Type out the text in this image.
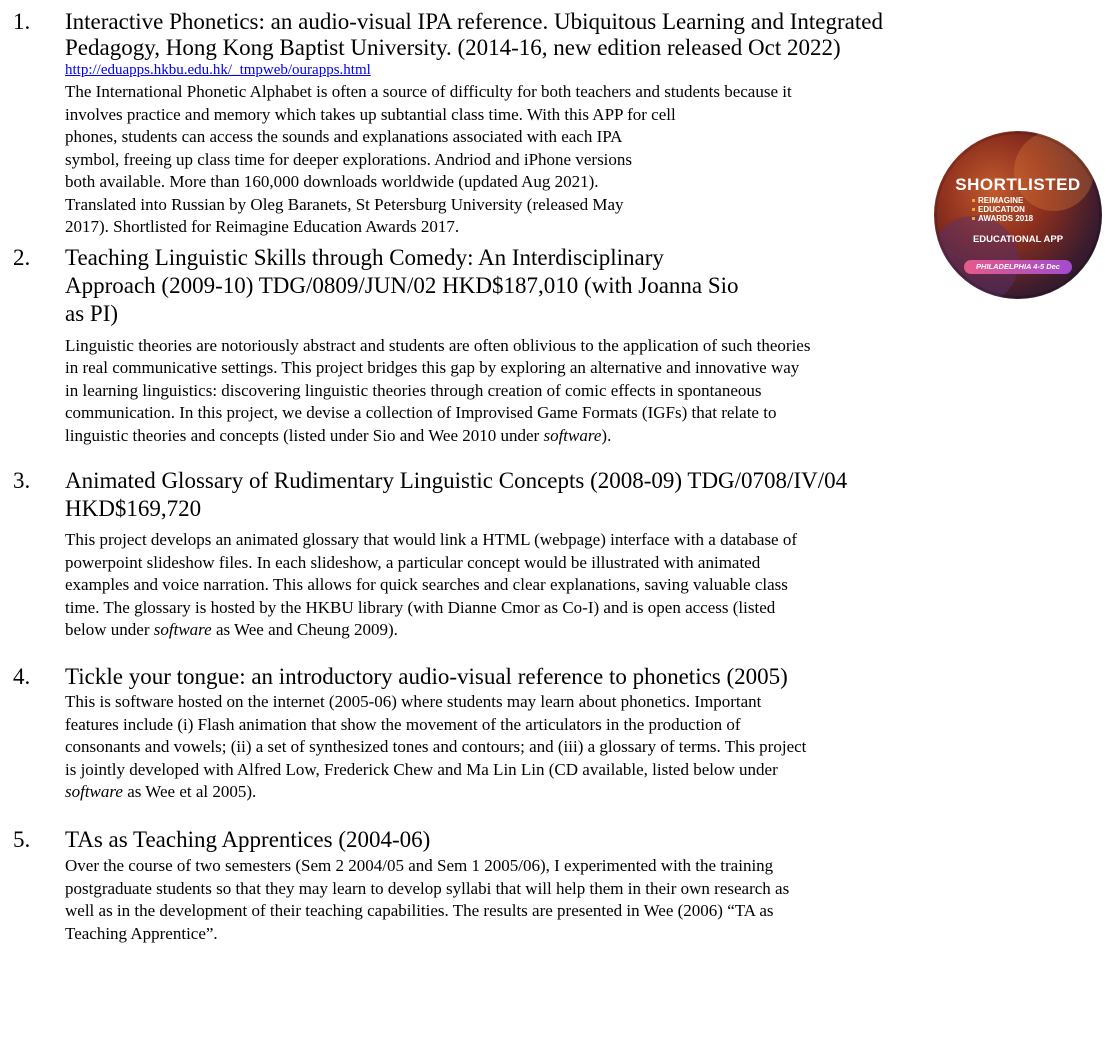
1. Interactive Phonetics: an audio-visual IPA reference. Ubiquitous Learning and Integrated
Pedagogy, Hong Kong Baptist University. (2014-16, new edition released Oct 2022)
http://eduapps.hkbu.edu.hk/_tmpweb/ourapps.html
The International Phonetic Alphabet is often a source of difficulty for both teachers and students because it
involves practice and memory which takes up subtantial class time. With this APP for cell
phones, students can access the sounds and explanations associated with each IPA
symbol, freeing up class time for deeper explorations. Andriod and iPhone versions
both available. More than 160,000 downloads worldwide (updated Aug 2021).
Translated into Russian by Oleg Baranets, St Petersburg University (released May
2017). Shortlisted for Reimagine Education Awards 2017.
SHORTLISTED
REIMAGINE
EDUCATION
AWARDS 2018
EDUCATIONAL APP
PHILADELPHIA 4-5 Dec
2. Teaching Linguistic Skills through Comedy: An Interdisciplinary
Approach (2009-10) TDG/0809/JUN/02 HKD$187,010 (with Joanna Sio
as PI)
Linguistic theories are notoriously abstract and students are often oblivious to the application of such theories
in real communicative settings. This project bridges this gap by exploring an alternative and innovative way
in learning linguistics: discovering linguistic theories through creation of comic effects in spontaneous
communication. In this project, we devise a collection of Improvised Game Formats (IGFs) that relate to
linguistic theories and concepts (listed under Sio and Wee 2010 under software).
3. Animated Glossary of Rudimentary Linguistic Concepts (2008-09) TDG/0708/IV/04
HKD$169,720
This project develops an animated glossary that would link a HTML (webpage) interface with a database of
powerpoint slideshow files. In each slideshow, a particular concept would be illustrated with animated
examples and voice narration. This allows for quick searches and clear explanations, saving valuable class
time. The glossary is hosted by the HKBU library (with Dianne Cmor as Co-I) and is open access (listed
below under software as Wee and Cheung 2009).
4. Tickle your tongue: an introductory audio-visual reference to phonetics (2005)
This is software hosted on the internet (2005-06) where students may learn about phonetics. Important
features include (i) Flash animation that show the movement of the articulators in the production of
consonants and vowels; (ii) a set of synthesized tones and contours; and (iii) a glossary of terms. This project
is jointly developed with Alfred Low, Frederick Chew and Ma Lin Lin (CD available, listed below under
software as Wee et al 2005).
5. TAs as Teaching Apprentices (2004-06)
Over the course of two semesters (Sem 2 2004/05 and Sem 1 2005/06), I experimented with the training
postgraduate students so that they may learn to develop syllabi that will help them in their own research as
well as in the development of their teaching capabilities. The results are presented in Wee (2006) “TA as
Teaching Apprentice”.
